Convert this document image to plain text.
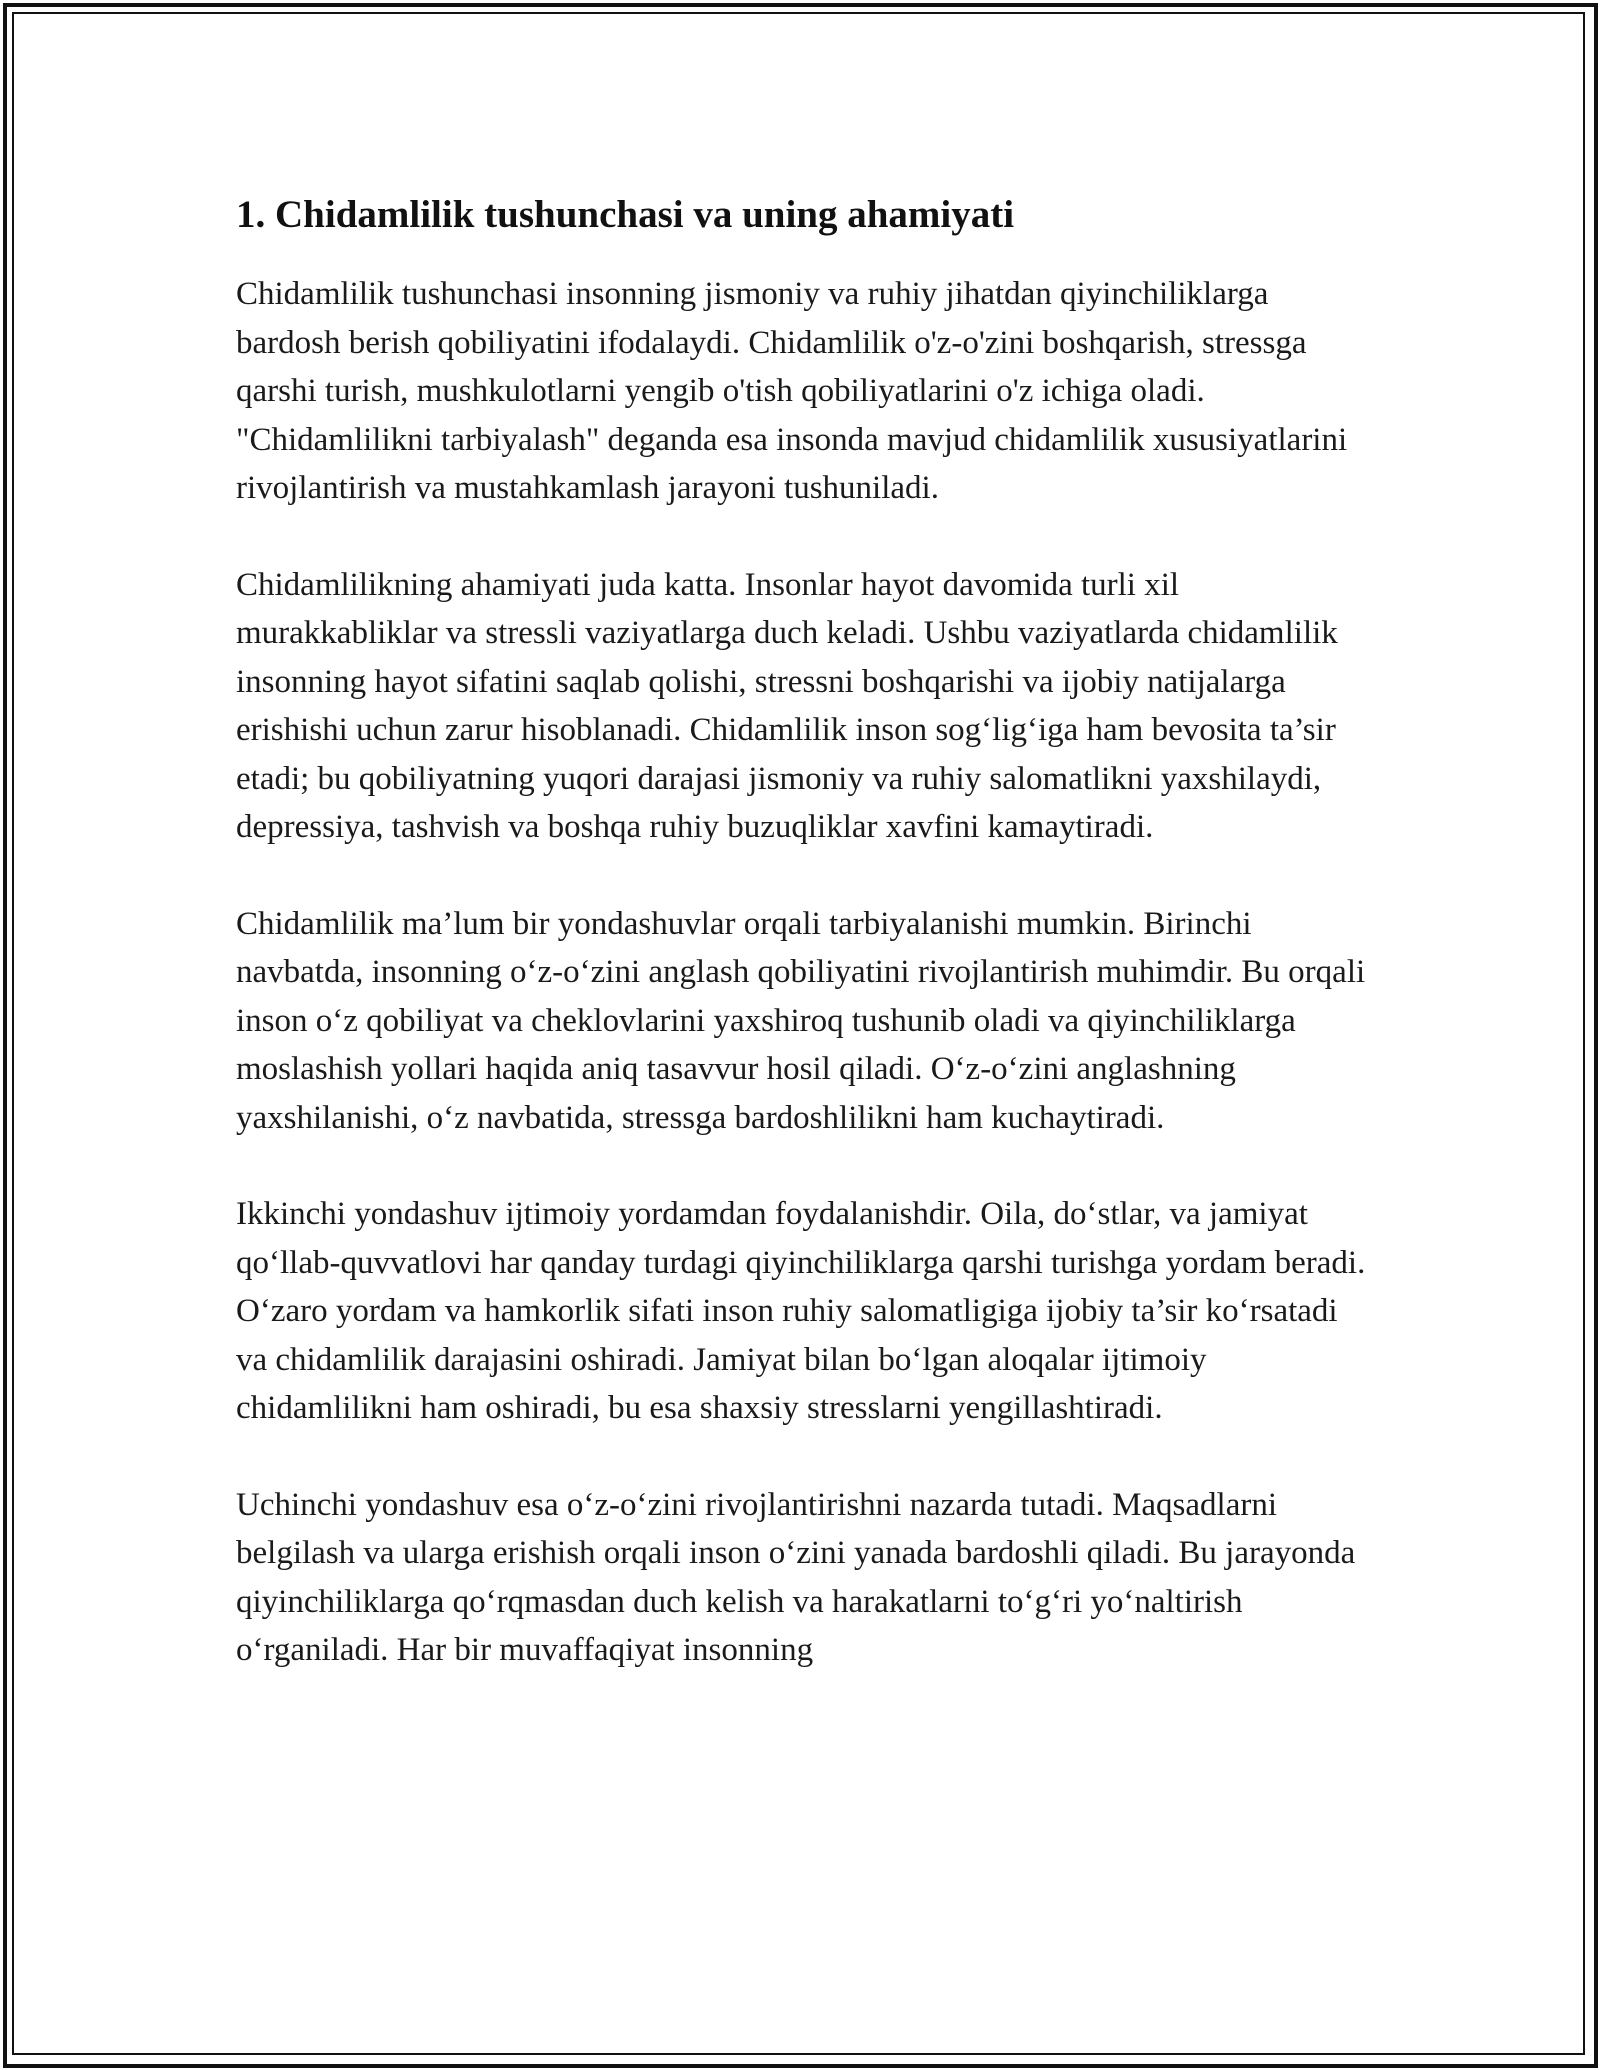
1. Chidamlilik tushunchasi va uning ahamiyati

Chidamlilik tushunchasi insonning jismoniy va ruhiy jihatdan qiyinchiliklarga bardosh berish qobiliyatini ifodalaydi. Chidamlilik o'z-o'zini boshqarish, stressga qarshi turish, mushkulotlarni yengib o'tish qobiliyatlarini o'z ichiga oladi. "Chidamlilikni tarbiyalash" deganda esa insonda mavjud chidamlilik xususiyatlarini rivojlantirish va mustahkamlash jarayoni tushuniladi.

Chidamlilikning ahamiyati juda katta. Insonlar hayot davomida turli xil murakkabliklar va stressli vaziyatlarga duch keladi. Ushbu vaziyatlarda chidamlilik insonning hayot sifatini saqlab qolishi, stressni boshqarishi va ijobiy natijalarga erishishi uchun zarur hisoblanadi. Chidamlilik inson sog‘lig‘iga ham bevosita ta’sir etadi; bu qobiliyatning yuqori darajasi jismoniy va ruhiy salomatlikni yaxshilaydi, depressiya, tashvish va boshqa ruhiy buzuqliklar xavfini kamaytiradi.

Chidamlilik ma’lum bir yondashuvlar orqali tarbiyalanishi mumkin. Birinchi navbatda, insonning o‘z-o‘zini anglash qobiliyatini rivojlantirish muhimdir. Bu orqali inson o‘z qobiliyat va cheklovlarini yaxshiroq tushunib oladi va qiyinchiliklarga moslashish yollari haqida aniq tasavvur hosil qiladi. O‘z-o‘zini anglashning yaxshilanishi, o‘z navbatida, stressga bardoshlilikni ham kuchaytiradi.

Ikkinchi yondashuv ijtimoiy yordamdan foydalanishdir. Oila, do‘stlar, va jamiyat qo‘llab-quvvatlovi har qanday turdagi qiyinchiliklarga qarshi turishga yordam beradi. O‘zaro yordam va hamkorlik sifati inson ruhiy salomatligiga ijobiy ta’sir ko‘rsatadi va chidamlilik darajasini oshiradi. Jamiyat bilan bo‘lgan aloqalar ijtimoiy chidamlilikni ham oshiradi, bu esa shaxsiy stresslarni yengillashtiradi.

Uchinchi yondashuv esa o‘z-o‘zini rivojlantirishni nazarda tutadi. Maqsadlarni belgilash va ularga erishish orqali inson o‘zini yanada bardoshli qiladi. Bu jarayonda qiyinchiliklarga qo‘rqmasdan duch kelish va harakatlarni to‘g‘ri yo‘naltirish o‘rganiladi. Har bir muvaffaqiyat insonning
